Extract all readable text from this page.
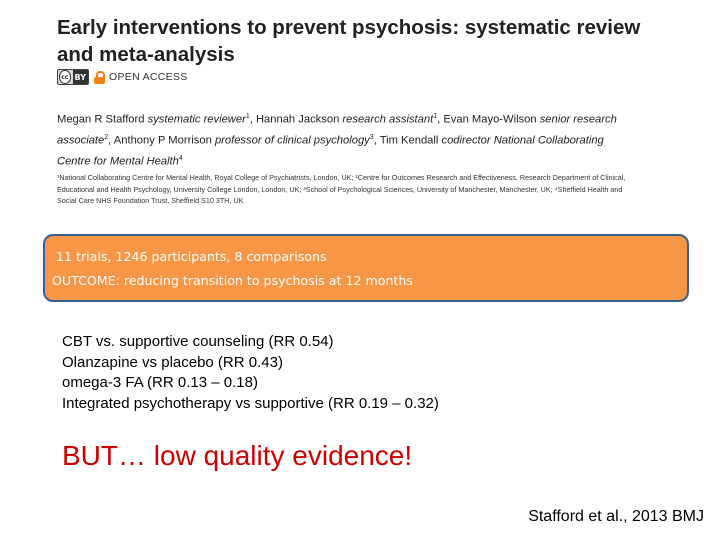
Early interventions to prevent psychosis: systematic review and meta-analysis
cc BY OPEN ACCESS
Megan R Stafford systematic reviewer$^1$, Hannah Jackson research assistant$^1$, Evan Mayo-Wilson senior research associate$^2$, Anthony P Morrison professor of clinical psychology$^3$, Tim Kendall codirector National Collaborating Centre for Mental Health$^4$
¹National Collaborating Centre for Mental Health, Royal College of Psychiatrists, London, UK; ²Centre for Outcomes Research and Effectiveness, Research Department of Clinical, Educational and Health Psychology, University College London, London, UK; ³School of Psychological Sciences, University of Manchester, Manchester, UK; ⁴Sheffield Health and Social Care NHS Foundation Trust, Sheffield S10 3TH, UK
11 trials, 1246 participants, 8 comparisons
OUTCOME: reducing transition to psychosis at 12 months
CBT vs. supportive counseling (RR 0.54)
Olanzapine vs placebo (RR 0.43)
omega-3 FA (RR 0.13 – 0.18)
Integrated psychotherapy vs supportive (RR 0.19 – 0.32)
BUT… low quality evidence!
Stafford et al., 2013 BMJ
